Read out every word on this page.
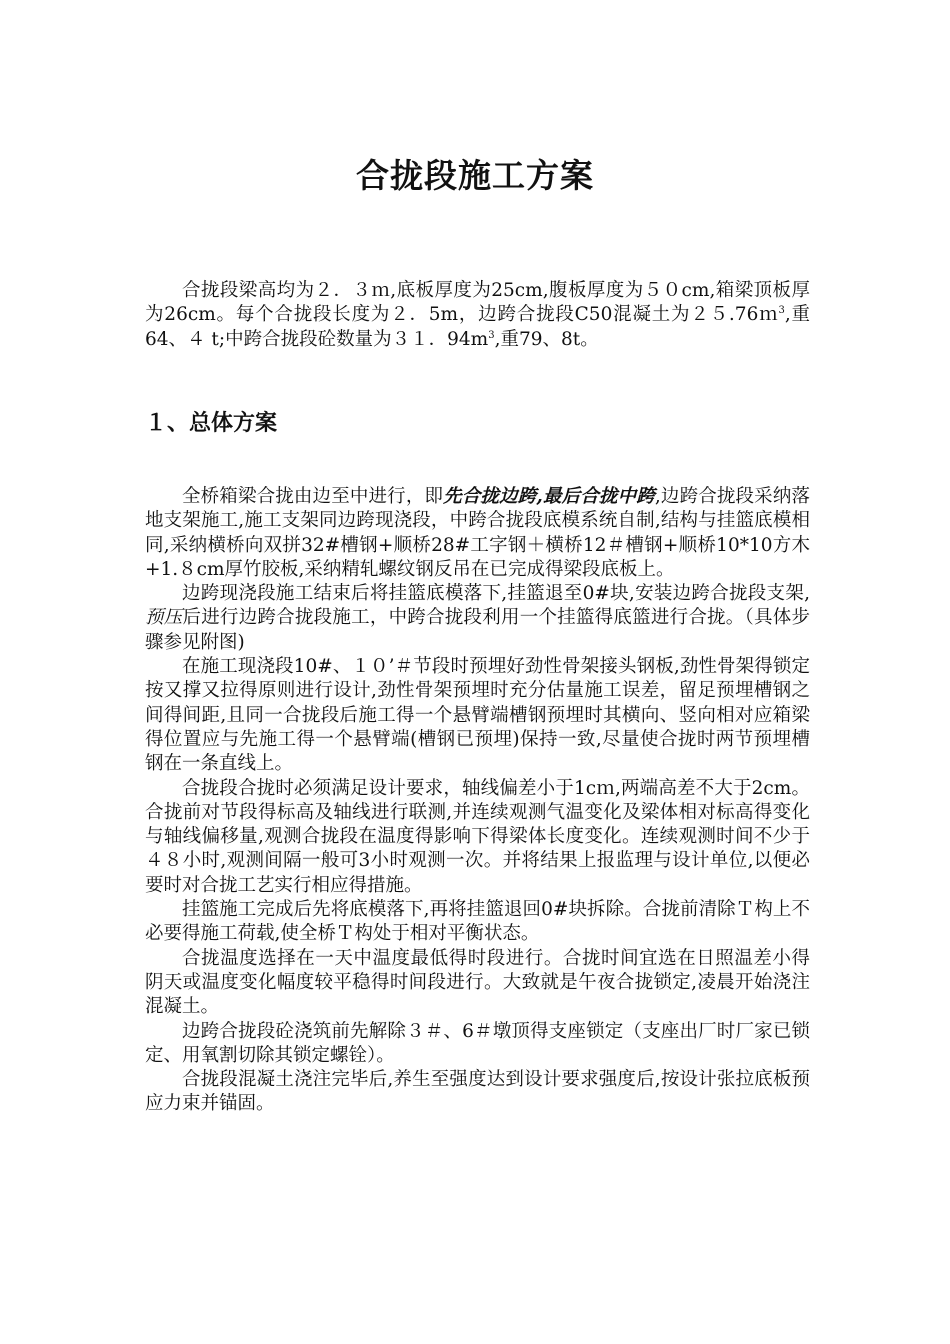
合拢段施工方案

合拢段梁高均为２．３ｍ,底板厚度为25cm,腹板厚度为５０cm,箱梁顶板厚为26cm。每个合拢段长度为２．5m，边跨合拢段C50混凝土为２５.76ｍ$^3$,重64、４ t;中跨合拢段砼数量为３１．$94m^3$,重79、8t。

１、总体方案

全桥箱梁合拢由边至中进行，即先合拢边跨,最后合拢中跨,边跨合拢段采纳落地支架施工,施工支架同边跨现浇段，中跨合拢段底模系统自制,结构与挂篮底模相同,采纳横桥向双拼32#槽钢+顺桥28#工字钢＋横桥12＃槽钢+顺桥10*10方木+1.８cm厚竹胶板,采纳精轧螺纹钢反吊在已完成得梁段底板上。

边跨现浇段施工结束后将挂篮底模落下,挂篮退至0#块,安装边跨合拢段支架,预压后进行边跨合拢段施工，中跨合拢段利用一个挂篮得底篮进行合拢。（具体步骤参见附图)

在施工现浇段10#、１０’＃节段时预埋好劲性骨架接头钢板,劲性骨架得锁定按又撑又拉得原则进行设计,劲性骨架预埋时充分估量施工误差，留足预埋槽钢之间得间距,且同一合拢段后施工得一个悬臂端槽钢预埋时其横向、竖向相对应箱梁得位置应与先施工得一个悬臂端(槽钢已预埋)保持一致,尽量使合拢时两节预埋槽钢在一条直线上。

合拢段合拢时必须满足设计要求，轴线偏差小于1cｍ,两端高差不大于2cm。合拢前对节段得标高及轴线进行联测,并连续观测气温变化及梁体相对标高得变化与轴线偏移量,观测合拢段在温度得影响下得梁体长度变化。连续观测时间不少于４８小时,观测间隔一般可3小时观测一次。并将结果上报监理与设计单位,以便必要时对合拢工艺实行相应得措施。

挂篮施工完成后先将底模落下,再将挂篮退回0#块拆除。合拢前清除Ｔ构上不必要得施工荷载,使全桥Ｔ构处于相对平衡状态。

合拢温度选择在一天中温度最低得时段进行。合拢时间宜选在日照温差小得阴天或温度变化幅度较平稳得时间段进行。大致就是午夜合拢锁定,凌晨开始浇注混凝土。

边跨合拢段砼浇筑前先解除３＃、6＃墩顶得支座锁定（支座出厂时厂家已锁定、用氧割切除其锁定螺铨）。

合拢段混凝土浇注完毕后,养生至强度达到设计要求强度后,按设计张拉底板预应力束并锚固。
